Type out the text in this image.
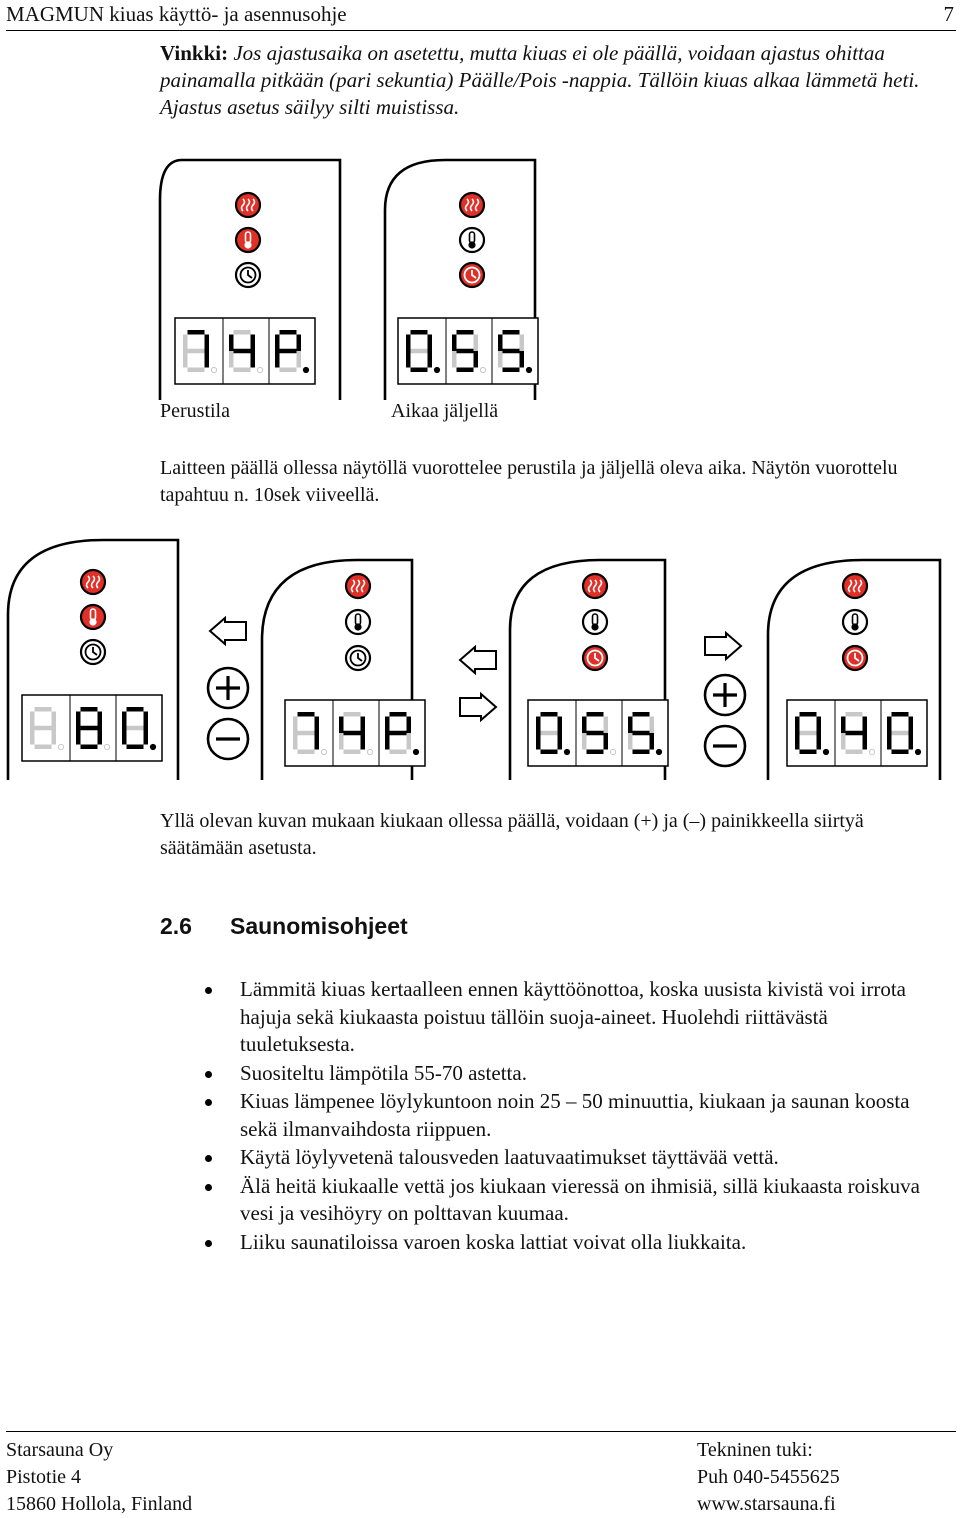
MAGMUN kiuas käyttö- ja asennusohje	7
Vinkki: Jos ajastusaika on asetettu, mutta kiuas ei ole päällä, voidaan ajastus ohittaa painamalla pitkään (pari sekuntia) Päälle/Pois -nappia. Tällöin kiuas alkaa lämmetä heti. Ajastus asetus säilyy silti muistissa.
Perustila	Aikaa jäljellä
Laitteen päällä ollessa näytöllä vuorottelee perustila ja jäljellä oleva aika. Näytön vuorottelu tapahtuu n. 10sek viiveellä.
Yllä olevan kuvan mukaan kiukaan ollessa päällä, voidaan (+) ja (–) painikkeella siirtyä säätämään asetusta.
2.6 Saunomisohjeet
Lämmitä kiuas kertaalleen ennen käyttöönottoa, koska uusista kivistä voi irrota hajuja sekä kiukaasta poistuu tällöin suoja-aineet. Huolehdi riittävästä tuuletuksesta.
Suositeltu lämpötila 55-70 astetta.
Kiuas lämpenee löylykuntoon noin 25 – 50 minuuttia, kiukaan ja saunan koosta sekä ilmanvaihdosta riippuen.
Käytä löylyvetenä talousveden laatuvaatimukset täyttävää vettä.
Älä heitä kiukaalle vettä jos kiukaan vieressä on ihmisiä, sillä kiukaasta roiskuva vesi ja vesihöyry on polttavan kuumaa.
Liiku saunatiloissa varoen koska lattiat voivat olla liukkaita.
Starsauna Oy
Pistotie 4
15860 Hollola, Finland
Tekninen tuki:
Puh 040-5455625
www.starsauna.fi
